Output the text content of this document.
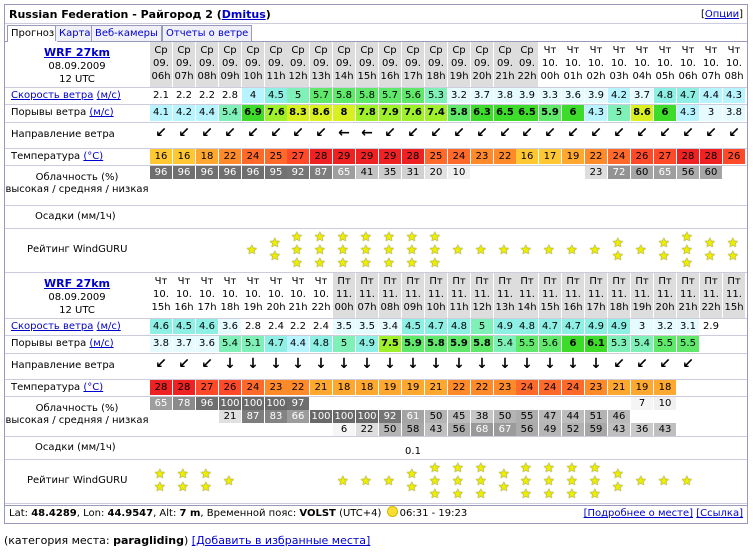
Russian Federation - Райгород 2 (Dmitus)	[Опции]
Прогноз Карта Веб-камеры Отчеты о ветре
WRF 27km
08.09.2009
12 UTC
Скорость ветра (м/с)
Порывы ветра (м/с)
Направление ветра
Температура (°C)
Облачность (%)
высокая / средняя / низкая
Осадки (мм/1ч)
Рейтинг WindGURU
Ср
09.
06h
2.1
4.1
↙
16
96
Ср
09.
07h
2.2
4.2
↙
16
96
Ср
09.
08h
2.2
4.4
↙
18
96
Ср
09.
09h
2.8
5.4
↙
22
96
Ср
09.
10h
4
6.9
↙
24
96
★
Ср
09.
11h
4.5
7.6
↙
25
95
★
★
Ср
09.
12h
5
8.3
↙
27
92
★
★
★
Ср
09.
13h
5.7
8.6
↙
28
87
★
★
★
Ср
09.
14h
5.8
8
←
29
65
★
★
★
Ср
09.
15h
5.8
7.8
←
29
41
★
★
★
Ср
09.
16h
5.7
7.9
↙
29
35
★
★
★
Ср
09.
17h
5.6
7.6
↙
28
31
★
★
★
Ср
09.
18h
5.3
7.4
↙
25
20
★
★
★
Ср
09.
19h
3.2
5.8
↙
24
10
★
Ср
09.
20h
3.7
6.3
↙
23
★
Ср
09.
21h
3.8
6.5
↙
22
★
Ср
09.
22h
3.9
6.5
↙
16
★
Чт
10.
00h
3.3
5.9
↙
17
★
Чт
10.
01h
3.6
6
↙
19
★
Чт
10.
02h
3.9
4.3
↙
22
23
★
Чт
10.
03h
4.2
5
↙
24
72
★
★
Чт
10.
04h
3.7
8.6
↙
26
60
★
Чт
10.
05h
4.8
6
↙
27
65
★
★
Чт
10.
06h
4.7
4.3
↙
28
56
★
★
★
Чт
10.
07h
4.4
3
↙
28
60
★
★
Чт
10.
08h
4.3
3.8
↙
26
★
★
WRF 27km
08.09.2009
12 UTC
Скорость ветра (м/с)
Порывы ветра (м/с)
Направление ветра
Температура (°C)
Облачность (%)
высокая / средняя / низкая
Осадки (мм/1ч)
Рейтинг WindGURU
Чт
10.
15h
4.6
3.8
↙
28
65
★
★
Чт
10.
16h
4.5
3.7
↙
28
78
★
★
Чт
10.
17h
4.6
3.6
↙
27
96
★
★
Чт
10.
18h
3.6
5.4
↓
26
100
21
★
Чт
10.
19h
2.8
5.1
↓
24
100
87
Чт
10.
20h
2.4
4.7
↓
23
100
83
Чт
10.
21h
2.2
4.4
↓
22
97
66
Чт
10.
22h
2.4
4.8
↓
21
100
Пт
11.
00h
3.5
5
↓
18
100
6
★
Пт
11.
07h
3.5
4.9
↓
18
100
22
★
Пт
11.
08h
3.4
7.5
↓
19
92
50
★
Пт
11.
09h
4.5
5.9
↓
19
61
58
0.1
★
★
Пт
11.
10h
4.7
5.8
↓
21
50
43
★
★
★
Пт
11.
11h
4.8
5.9
↓
22
45
56
★
★
★
Пт
11.
12h
5
5.8
↓
22
38
68
★
★
★
Пт
11.
13h
4.9
5.4
↓
23
50
67
★
★
Пт
11.
14h
4.8
5.5
↓
24
55
56
★
★
★
Пт
11.
15h
4.7
5.6
↓
24
47
49
★
★
★
Пт
11.
16h
4.7
6
↓
24
44
52
★
★
★
Пт
11.
17h
4.9
6.1
↓
23
51
59
★
★
★
Пт
11.
18h
4.9
5.3
↙
21
46
43
★
★
Пт
11.
19h
3
5.4
↙
19
7
36
★
Пт
11.
20h
3.2
5.5
↙
18
10
43
★
Пт
11.
21h
3.1
5.5
↙
★
Пт
11.
22h
2.9
Пт
11.
15h
Lat: 48.4289, Lon: 44.9547, Alt: 7 m, Временной пояс: VOLST (UTC+4) 06:31 - 19:23	[Подробнее о месте] [Ссылка]
(категория места: paragliding) [Добавить в избранные места]
